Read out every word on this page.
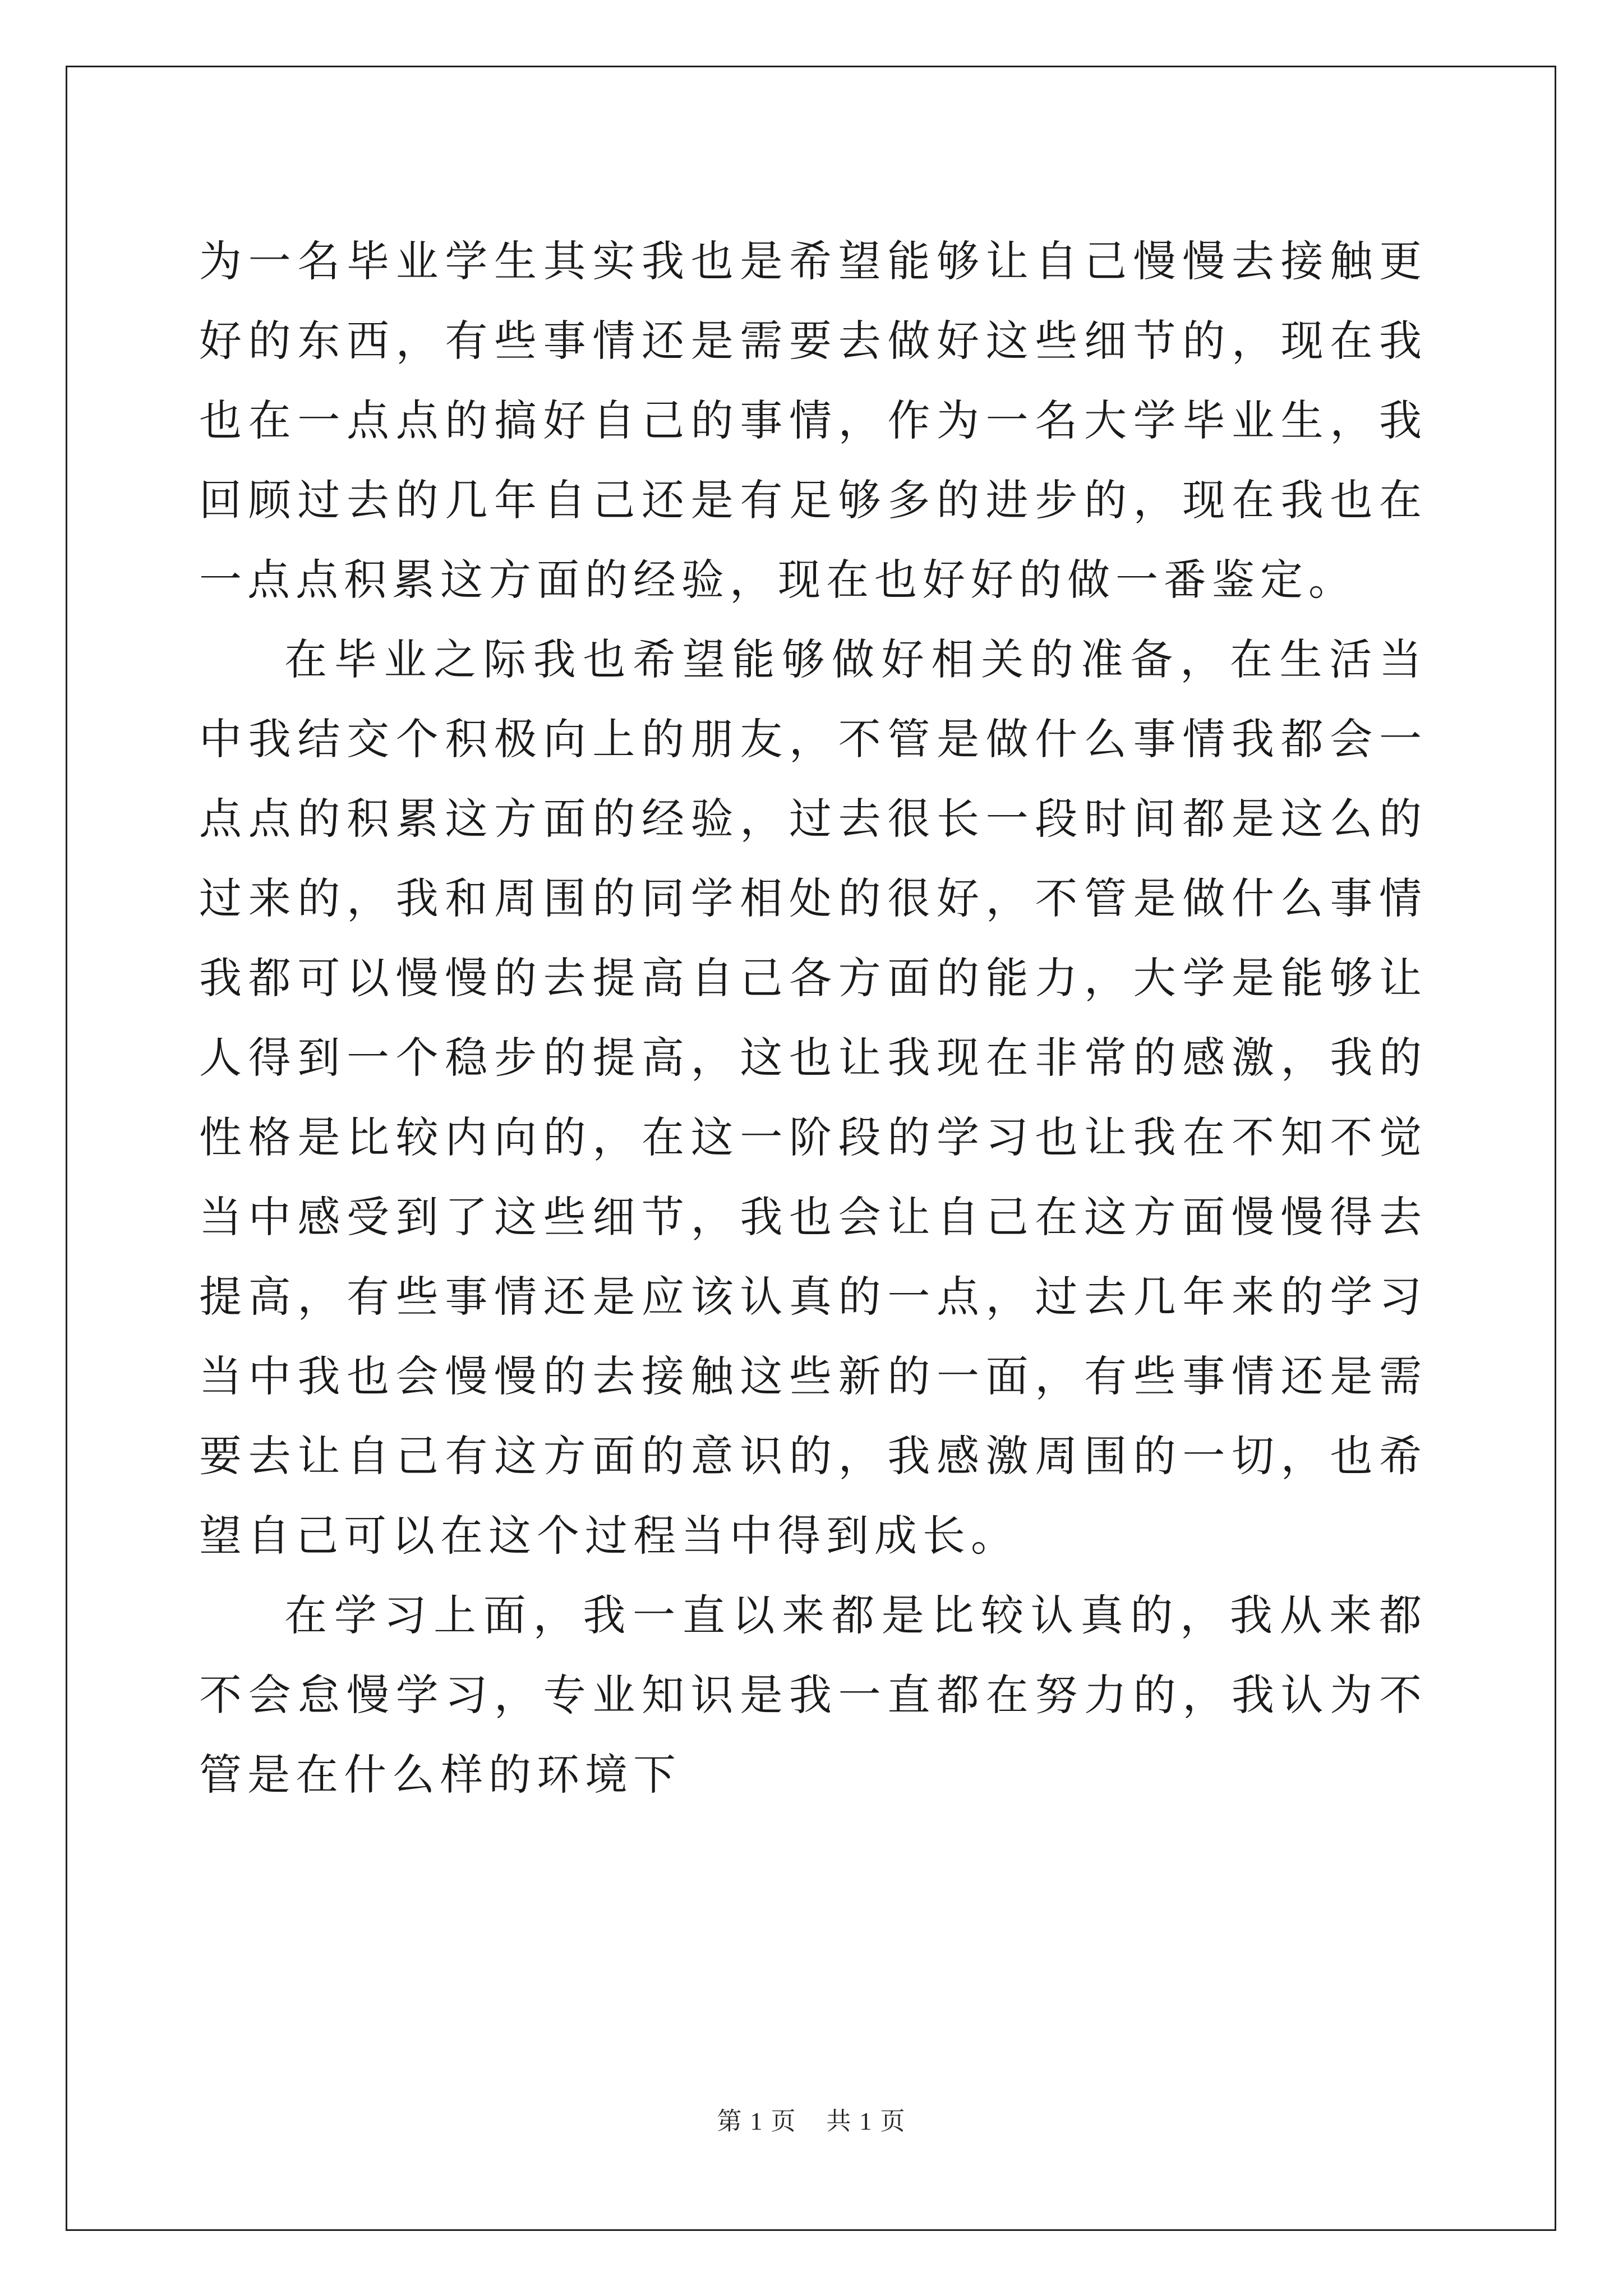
为一名毕业学生其实我也是希望能够让自己慢慢去接触更好的东西，有些事情还是需要去做好这些细节的，现在我也在一点点的搞好自己的事情，作为一名大学毕业生，我回顾过去的几年自己还是有足够多的进步的，现在我也在一点点积累这方面的经验，现在也好好的做一番鉴定。

在毕业之际我也希望能够做好相关的准备，在生活当中我结交个积极向上的朋友，不管是做什么事情我都会一点点的积累这方面的经验，过去很长一段时间都是这么的过来的，我和周围的同学相处的很好，不管是做什么事情我都可以慢慢的去提高自己各方面的能力，大学是能够让人得到一个稳步的提高，这也让我现在非常的感激，我的性格是比较内向的，在这一阶段的学习也让我在不知不觉当中感受到了这些细节，我也会让自己在这方面慢慢得去提高，有些事情还是应该认真的一点，过去几年来的学习当中我也会慢慢的去接触这些新的一面，有些事情还是需要去让自己有这方面的意识的，我感激周围的一切，也希望自己可以在这个过程当中得到成长。

在学习上面，我一直以来都是比较认真的，我从来都不会怠慢学习，专业知识是我一直都在努力的，我认为不管是在什么样的环境下

第 1 页 共 1 页
